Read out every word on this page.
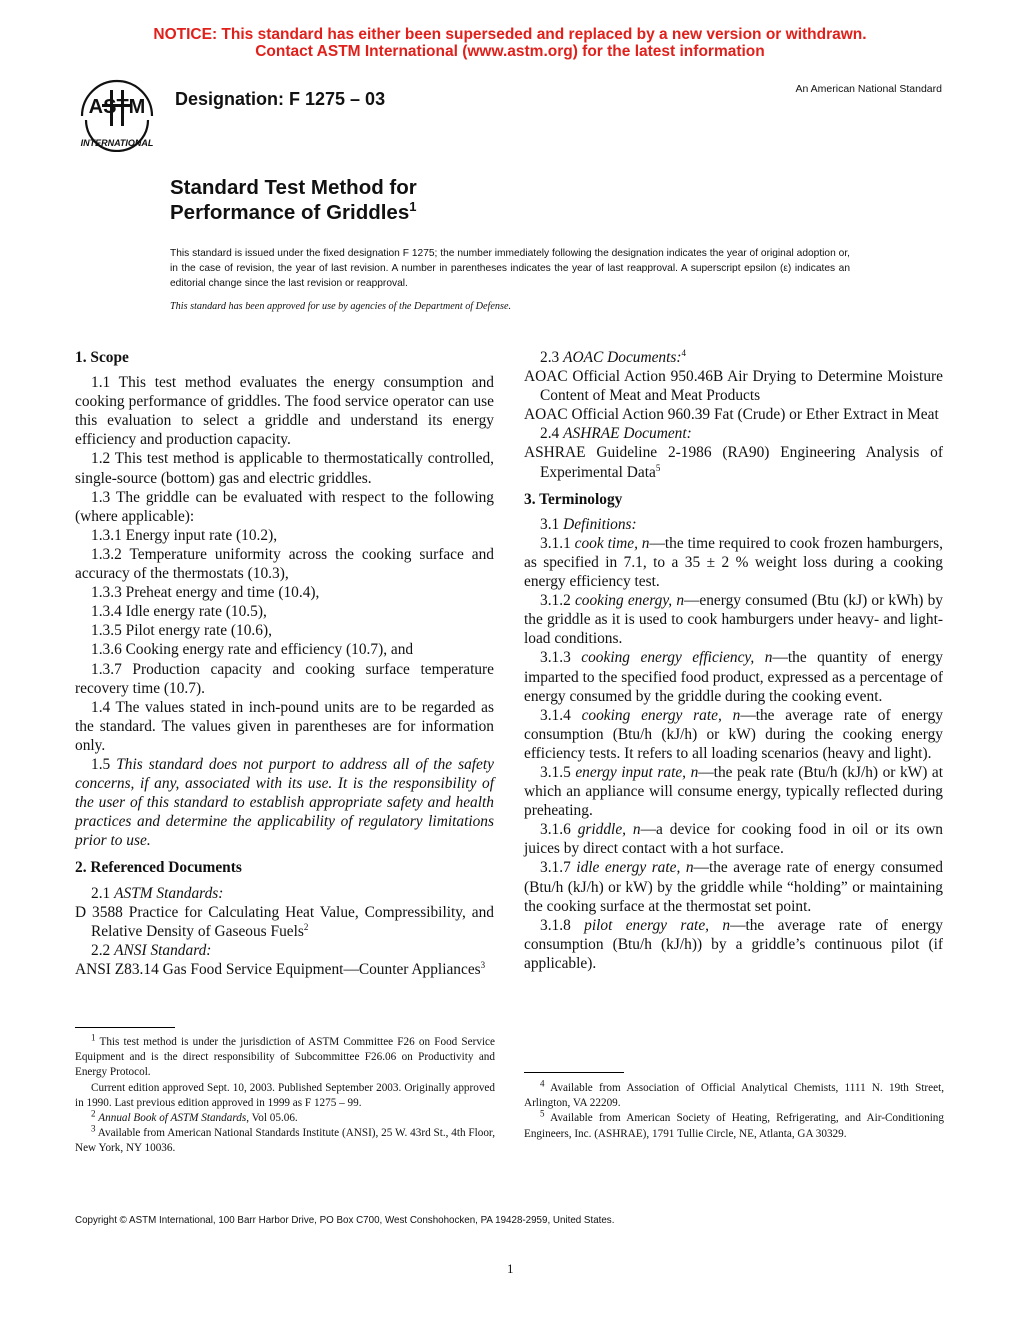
NOTICE: This standard has either been superseded and replaced by a new version or withdrawn.
Contact ASTM International (www.astm.org) for the latest information
ASTM
INTERNATIONAL
Designation: F 1275 – 03	An American National Standard
Standard Test Method for
Performance of Griddles$^1$
This standard is issued under the fixed designation F 1275; the number immediately following the designation indicates the year of original adoption or, in the case of revision, the year of last revision. A number in parentheses indicates the year of last reapproval. A superscript epsilon (ε) indicates an editorial change since the last revision or reapproval.
This standard has been approved for use by agencies of the Department of Defense.
1. Scope

1.1 This test method evaluates the energy consumption and cooking performance of griddles. The food service operator can use this evaluation to select a griddle and understand its energy efficiency and production capacity.

1.2 This test method is applicable to thermostatically controlled, single-source (bottom) gas and electric griddles.

1.3 The griddle can be evaluated with respect to the following (where applicable):

1.3.1 Energy input rate (10.2),

1.3.2 Temperature uniformity across the cooking surface and accuracy of the thermostats (10.3),

1.3.3 Preheat energy and time (10.4),

1.3.4 Idle energy rate (10.5),

1.3.5 Pilot energy rate (10.6),

1.3.6 Cooking energy rate and efficiency (10.7), and

1.3.7 Production capacity and cooking surface temperature recovery time (10.7).

1.4 The values stated in inch-pound units are to be regarded as the standard. The values given in parentheses are for information only.

1.5 This standard does not purport to address all of the safety concerns, if any, associated with its use. It is the responsibility of the user of this standard to establish appropriate safety and health practices and determine the applicability of regulatory limitations prior to use.

2. Referenced Documents

2.1 ASTM Standards:

D 3588 Practice for Calculating Heat Value, Compressibility, and Relative Density of Gaseous Fuels$^2$

2.2 ANSI Standard:

ANSI Z83.14 Gas Food Service Equipment—Counter Appliances$^3$

2.3 AOAC Documents:$^4$

AOAC Official Action 950.46B Air Drying to Determine Moisture Content of Meat and Meat Products

AOAC Official Action 960.39 Fat (Crude) or Ether Extract in Meat

2.4 ASHRAE Document:

ASHRAE Guideline 2-1986 (RA90) Engineering Analysis of Experimental Data$^5$

3. Terminology

3.1 Definitions:

3.1.1 cook time, n—the time required to cook frozen hamburgers, as specified in 7.1, to a 35 ± 2 % weight loss during a cooking energy efficiency test.

3.1.2 cooking energy, n—energy consumed (Btu (kJ) or kWh) by the griddle as it is used to cook hamburgers under heavy- and light-load conditions.

3.1.3 cooking energy efficiency, n—the quantity of energy imparted to the specified food product, expressed as a percentage of energy consumed by the griddle during the cooking event.

3.1.4 cooking energy rate, n—the average rate of energy consumption (Btu/h (kJ/h) or kW) during the cooking energy efficiency tests. It refers to all loading scenarios (heavy and light).

3.1.5 energy input rate, n—the peak rate (Btu/h (kJ/h) or kW) at which an appliance will consume energy, typically reflected during preheating.

3.1.6 griddle, n—a device for cooking food in oil or its own juices by direct contact with a hot surface.

3.1.7 idle energy rate, n—the average rate of energy consumed (Btu/h (kJ/h) or kW) by the griddle while “holding” or maintaining the cooking surface at the thermostat set point.

3.1.8 pilot energy rate, n—the average rate of energy consumption (Btu/h (kJ/h)) by a griddle’s continuous pilot (if applicable).

$^1$ This test method is under the jurisdiction of ASTM Committee F26 on Food Service Equipment and is the direct responsibility of Subcommittee F26.06 on Productivity and Energy Protocol.

Current edition approved Sept. 10, 2003. Published September 2003. Originally approved in 1990. Last previous edition approved in 1999 as F 1275 – 99.

$^2$ Annual Book of ASTM Standards, Vol 05.06.

$^3$ Available from American National Standards Institute (ANSI), 25 W. 43rd St., 4th Floor, New York, NY 10036.

$^4$ Available from Association of Official Analytical Chemists, 1111 N. 19th Street, Arlington, VA 22209.

$^5$ Available from American Society of Heating, Refrigerating, and Air-Conditioning Engineers, Inc. (ASHRAE), 1791 Tullie Circle, NE, Atlanta, GA 30329.

Copyright © ASTM International, 100 Barr Harbor Drive, PO Box C700, West Conshohocken, PA 19428-2959, United States.
1
